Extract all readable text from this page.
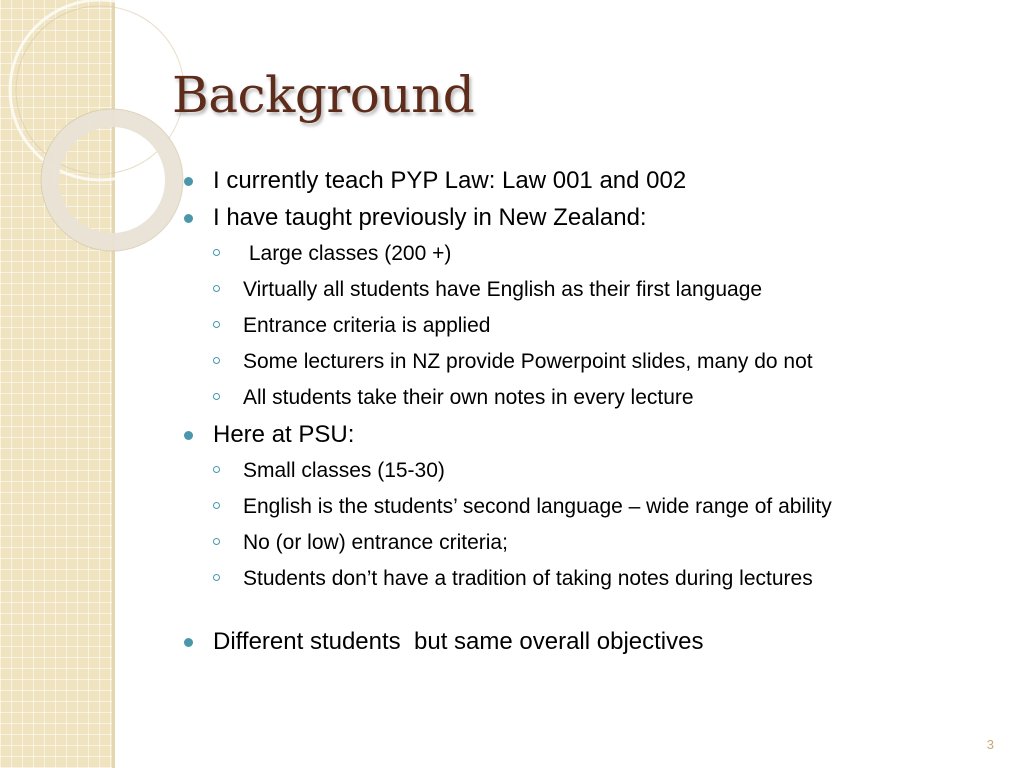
Background
I currently teach PYP Law: Law 001 and 002
I have taught previously in New Zealand:
Large classes (200 +)
Virtually all students have English as their first language
Entrance criteria is applied
Some lecturers in NZ provide Powerpoint slides, many do not
All students take their own notes in every lecture
Here at PSU:
Small classes (15-30)
English is the students’ second language – wide range of ability
No (or low) entrance criteria;
Students don’t have a tradition of taking notes during lectures
Different students  but same overall objectives
3
